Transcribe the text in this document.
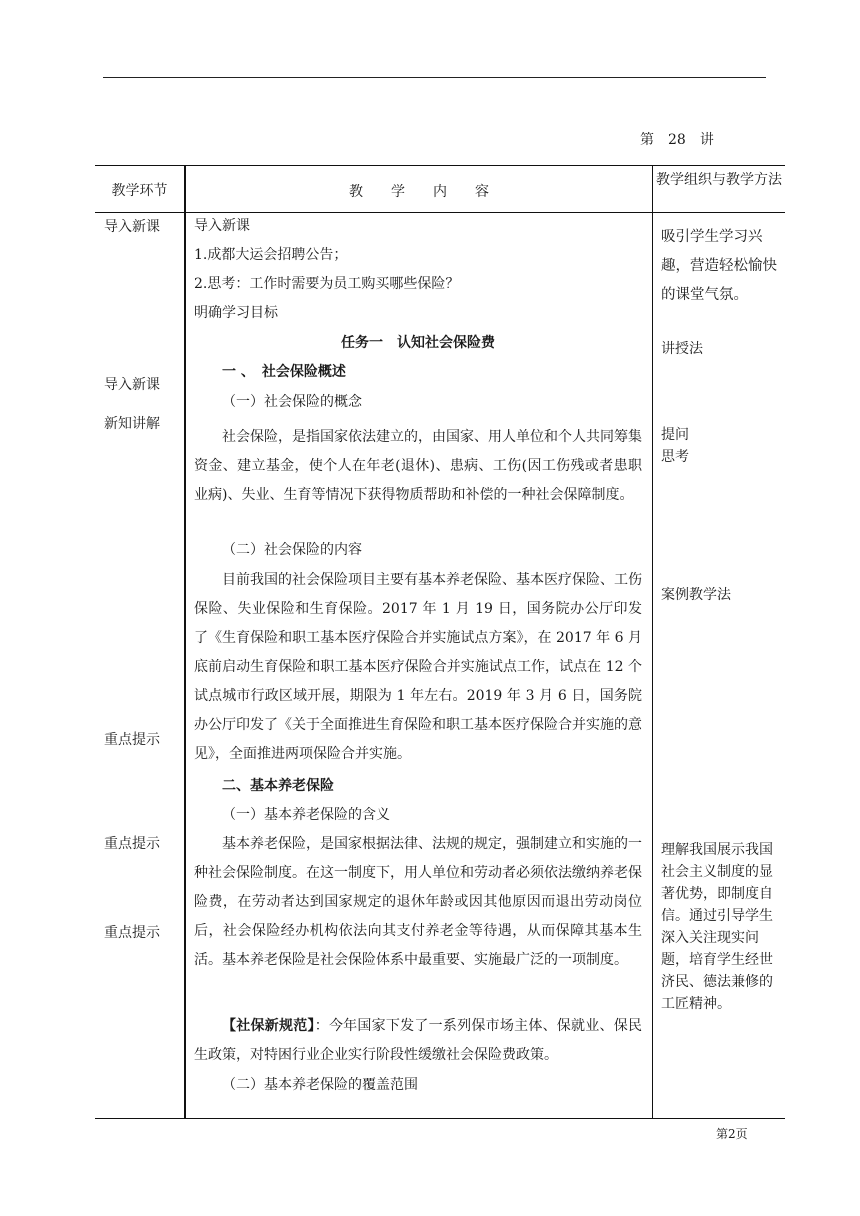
第　28　讲
教学环节	教　　学　　内　　容
教学组织与教学方法
导入新课
导入新课
新知讲解
重点提示
重点提示
重点提示
导入新课
1.成都大运会招聘公告；
2.思考：工作时需要为员工购买哪些保险？
明确学习目标
任务一　认知社会保险费
一 、　社会保险概述
（一）社会保险的概念
社会保险，是指国家依法建立的，由国家、用人单位和个人共同筹集资金、建立基金，使个人在年老(退休)、患病、工伤(因工伤残或者患职业病)、失业、生育等情况下获得物质帮助和补偿的一种社会保障制度。
（二）社会保险的内容
目前我国的社会保险项目主要有基本养老保险、基本医疗保险、工伤保险、失业保险和生育保险。2017 年 1 月 19 日，国务院办公厅印发了《生育保险和职工基本医疗保险合并实施试点方案》，在 2017 年 6 月底前启动生育保险和职工基本医疗保险合并实施试点工作，试点在 12 个试点城市行政区域开展，期限为 1 年左右。2019 年 3 月 6 日，国务院办公厅印发了《关于全面推进生育保险和职工基本医疗保险合并实施的意见》，全面推进两项保险合并实施。
二、基本养老保险
（一）基本养老保险的含义
基本养老保险，是国家根据法律、法规的规定，强制建立和实施的一种社会保险制度。在这一制度下，用人单位和劳动者必须依法缴纳养老保险费，在劳动者达到国家规定的退休年龄或因其他原因而退出劳动岗位后，社会保险经办机构依法向其支付养老金等待遇，从而保障其基本生活。基本养老保险是社会保险体系中最重要、实施最广泛的一项制度。
【社保新规范】：今年国家下发了一系列保市场主体、保就业、保民生政策，对特困行业企业实行阶段性缓缴社会保险费政策。
（二）基本养老保险的覆盖范围
吸引学生学习兴趣，营造轻松愉快的课堂气氛。
讲授法
提问
思考
案例教学法
理解我国展示我国社会主义制度的显著优势，即制度自信。通过引导学生深入关注现实问题，培育学生经世济民、德法兼修的工匠精神。
第2页
